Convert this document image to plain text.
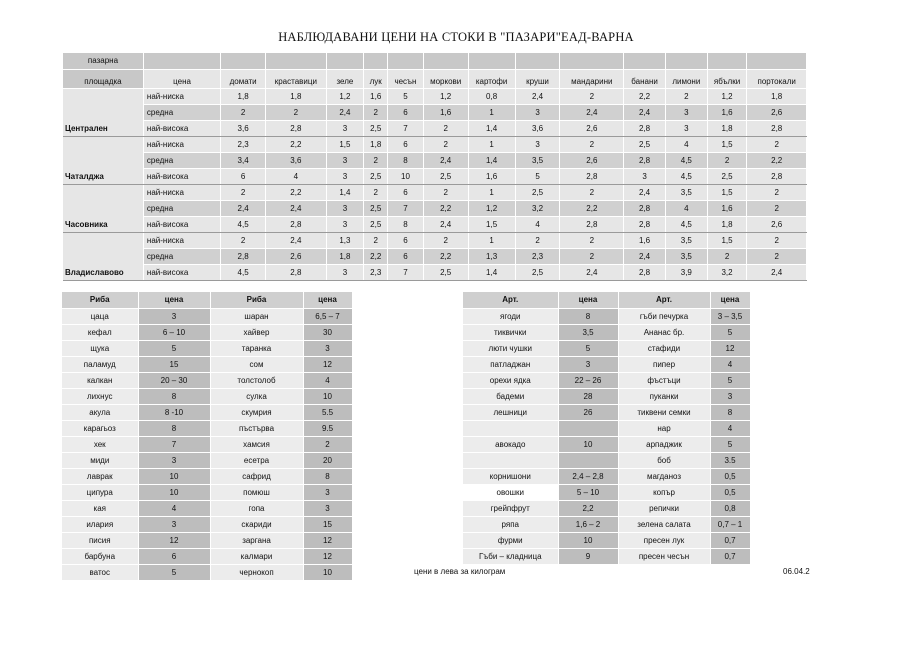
НАБЛЮДАВАНИ ЦЕНИ НА СТОКИ В "ПАЗАРИ"ЕАД-ВАРНА
пазарна														
площадка	цена	домати	краставици	зеле	лук	чесън	моркови	картофи	круши	мандарини	банани	лимони	ябълки	портокали
Централен	най-ниска	1,8	1,8	1,2	1,6	5	1,2	0,8	2,4	2	2,2	2	1,2	1,8
	средна	2	2	2,4	2	6	1,6	1	3	2,4	2,4	3	1,6	2,6
	най-висока	3,6	2,8	3	2,5	7	2	1,4	3,6	2,6	2,8	3	1,8	2,8
Чаталджа	най-ниска	2,3	2,2	1,5	1,8	6	2	1	3	2	2,5	4	1,5	2
	средна	3,4	3,6	3	2	8	2,4	1,4	3,5	2,6	2,8	4,5	2	2,2
	най-висока	6	4	3	2,5	10	2,5	1,6	5	2,8	3	4,5	2,5	2,8
Часовника	най-ниска	2	2,2	1,4	2	6	2	1	2,5	2	2,4	3,5	1,5	2
	средна	2,4	2,4	3	2,5	7	2,2	1,2	3,2	2,2	2,8	4	1,6	2
	най-висока	4,5	2,8	3	2,5	8	2,4	1,5	4	2,8	2,8	4,5	1,8	2,6
Владиславово	най-ниска	2	2,4	1,3	2	6	2	1	2	2	1,6	3,5	1,5	2
	средна	2,8	2,6	1,8	2,2	6	2,2	1,3	2,3	2	2,4	3,5	2	2
	най-висока	4,5	2,8	3	2,3	7	2,5	1,4	2,5	2,4	2,8	3,9	3,2	2,4
Риба	цена	Риба	цена
цаца	3	шаран	6,5 – 7
кефал	6 – 10	хайвер	30
щука	5	таранка	3
паламуд	15	сом	12
калкан	20 – 30	толстолоб	4
лихнус	8	сулка	10
акула	8 -10	скумрия	5.5
карагьоз	8	пъстърва	9.5
хек	7	хамсия	2
миди	3	есетра	20
лаврак	10	сафрид	8
ципура	10	помюш	3
кая	4	гопа	3
илария	3	скариди	15
писия	12	заргана	12
барбуна	6	калмари	12
ватос	5	чернокоп	10
Арт.	цена	Арт.	цена
ягоди	8	гъби печурка	3 – 3,5
тиквички	3,5	Ананас бр.	5
люти чушки	5	стафиди	12
патладжан	3	пипер	4
орехи ядка	22 – 26	фъстъци	5
бадеми	28	пуканки	3
лешници	26	тиквени семки	8
		нар	4
авокадо	10	арпаджик	5
		боб	3.5
корнишони	2,4 – 2,8	магданоз	0,5
овошки	5 – 10	копър	0,5
грейпфрут	2,2	репички	0,8
ряпа	1,6 – 2	зелена салата	0,7 – 1
фурми	10	пресен лук	0,7
Гъби – кладница	9	пресен чесън	0,7
цени в лева за килограм	06.04.2
